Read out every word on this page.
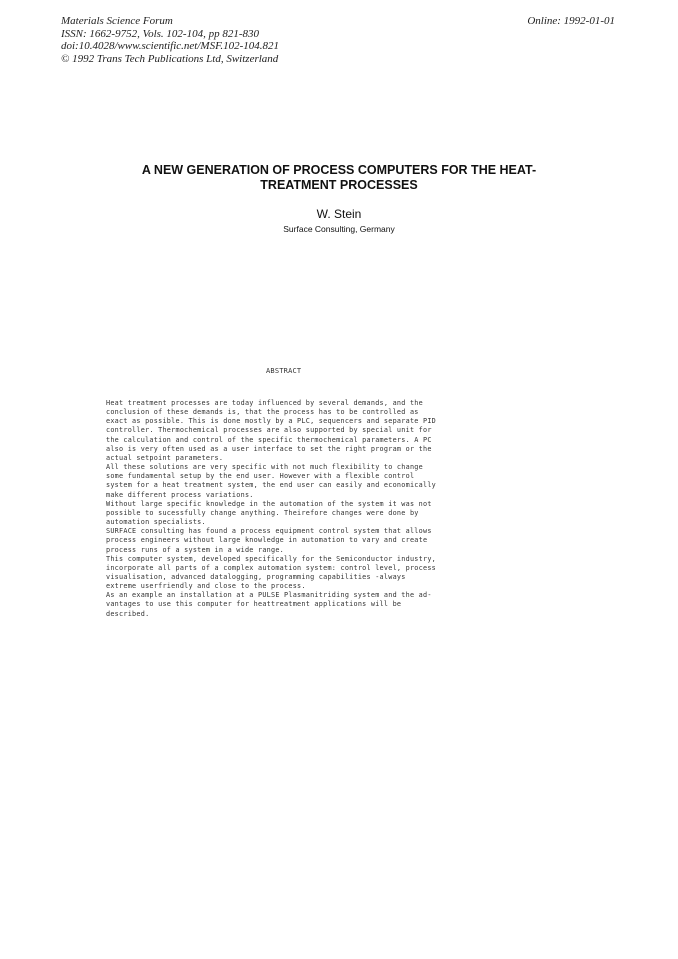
Materials Science Forum
ISSN: 1662-9752, Vols. 102-104, pp 821-830
doi:10.4028/www.scientific.net/MSF.102-104.821
© 1992 Trans Tech Publications Ltd, Switzerland
Online: 1992-01-01
A NEW GENERATION OF PROCESS COMPUTERS FOR THE HEAT-
TREATMENT PROCESSES
W. Stein
Surface Consulting, Germany
ABSTRACT
Heat treatment processes are today influenced by several demands, and the
conclusion of these demands is, that the process has to be controlled as
exact as possible. This is done mostly by a PLC, sequencers and separate PID
controller. Thermochemical processes are also supported by special unit for
the calculation and control of the specific thermochemical parameters. A PC
also is very often used as a user interface to set the right program or the
actual setpoint parameters.
All these solutions are very specific with not much flexibility to change
some fundamental setup by the end user. However with a flexible control
system for a heat treatment system, the end user can easily and economically
make different process variations.
Without large specific knowledge in the automation of the system it was not
possible to sucessfully change anything. Theirefore changes were done by
automation specialists.
SURFACE consulting has found a process equipment control system that allows
process engineers without large knowledge in automation to vary and create
process runs of a system in a wide range.
This computer system, developed specifically for the Semiconductor industry,
incorporate all parts of a complex automation system: control level, process
visualisation, advanced datalogging, programming capabilities -always
extreme userfriendly and close to the process.
As an example an installation at a PULSE Plasmanitriding system and the ad-
vantages to use this computer for heattreatment applications will be
described.
